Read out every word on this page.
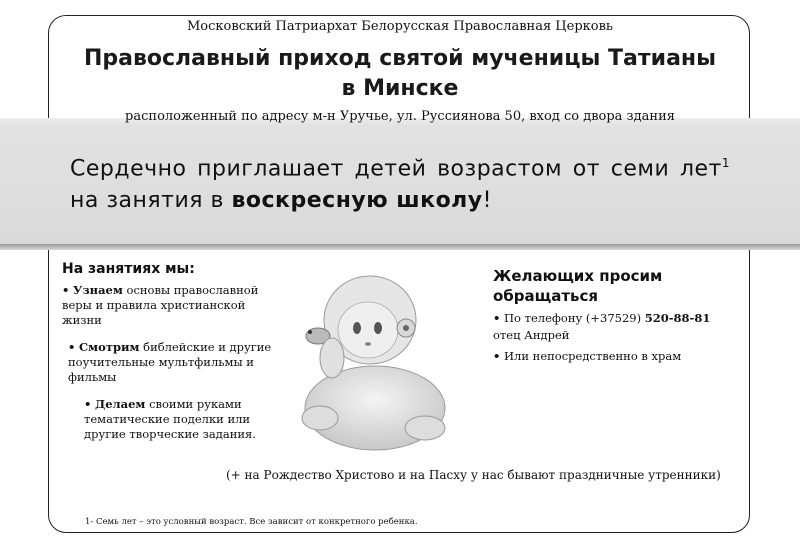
Московский Патриархат Белорусская Православная Церковь
Православный приход святой мученицы Татианы
в Минске
расположенный по адресу м-н Уручье, ул. Руссиянова 50, вход со двора здания
Сердечно приглашает детей возрастом от семи лет$^1$ на занятия в воскресную школу!
На занятиях мы:
• Узнаем основы православной веры и правила христианской жизни
• Смотрим библейские и другие поучительные мультфильмы и фильмы
• Делаем своими руками тематические поделки или другие творческие задания.
Желающих просим обращаться
• По телефону (+37529) 520-88-81
отец Андрей
• Или непосредственно в храм
(+ на Рождество Христово и на Пасху у нас бывают праздничные утренники)
1- Семь лет – это условный возраст. Все зависит от конкретного ребенка.
